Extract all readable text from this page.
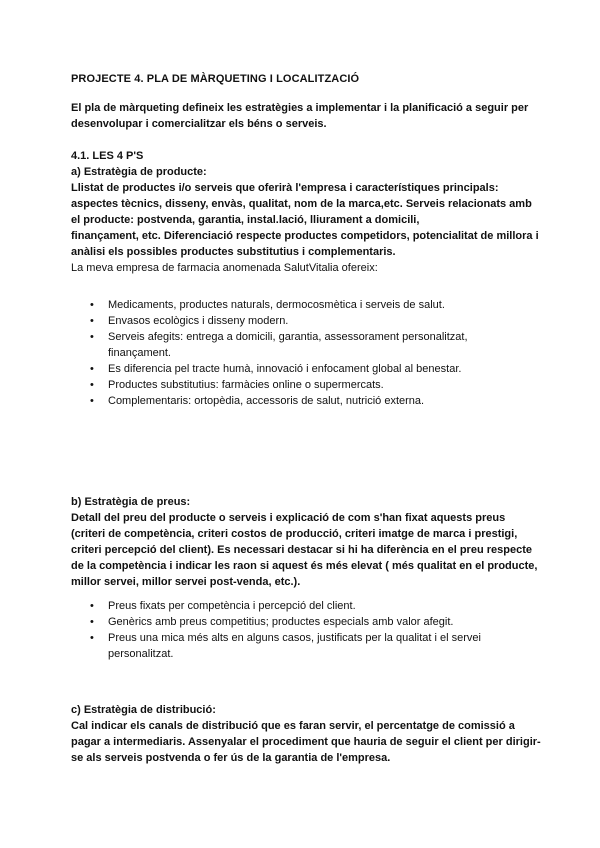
PROJECTE 4. PLA DE MÀRQUETING I LOCALITZACIÓ
El pla de màrqueting defineix les estratègies a implementar i la planificació a seguir per desenvolupar i comercialitzar els béns o serveis.
4.1. LES 4 P'S
a) Estratègia de producte:
Llistat de productes i/o serveis que oferirà l'empresa i característiques principals: aspectes tècnics, disseny, envàs, qualitat, nom de la marca,etc. Serveis relacionats amb el producte: postvenda, garantia, instal.lació, lliurament a domicili,
finançament, etc. Diferenciació respecte productes competidors, potencialitat de millora i anàlisi els possibles productes substitutius i complementaris.
La meva empresa de farmacia anomenada SalutVitalia ofereix:
• Medicaments, productes naturals, dermocosmètica i serveis de salut.
• Envasos ecològics i disseny modern.
• Serveis afegits: entrega a domicili, garantia, assessorament personalitzat, finançament.
• Es diferencia pel tracte humà, innovació i enfocament global al benestar.
• Productes substitutius: farmàcies online o supermercats.
• Complementaris: ortopèdia, accessoris de salut, nutrició externa.
b) Estratègia de preus:
Detall del preu del producte o serveis i explicació de com s'han fixat aquests preus (criteri de competència, criteri costos de producció, criteri imatge de marca i prestigi, criteri percepció del client). Es necessari destacar si hi ha diferència en el preu respecte de la competència i indicar les raon si aquest és més elevat ( més qualitat en el producte, millor servei, millor servei post-venda, etc.).
• Preus fixats per competència i percepció del client.
• Genèrics amb preus competitius; productes especials amb valor afegit.
• Preus una mica més alts en alguns casos, justificats per la qualitat i el servei personalitzat.
c) Estratègia de distribució:
Cal indicar els canals de distribució que es faran servir, el percentatge de comissió a pagar a intermediaris. Assenyalar el procediment que hauria de seguir el client per dirigir-se als serveis postvenda o fer ús de la garantia de l'empresa.
